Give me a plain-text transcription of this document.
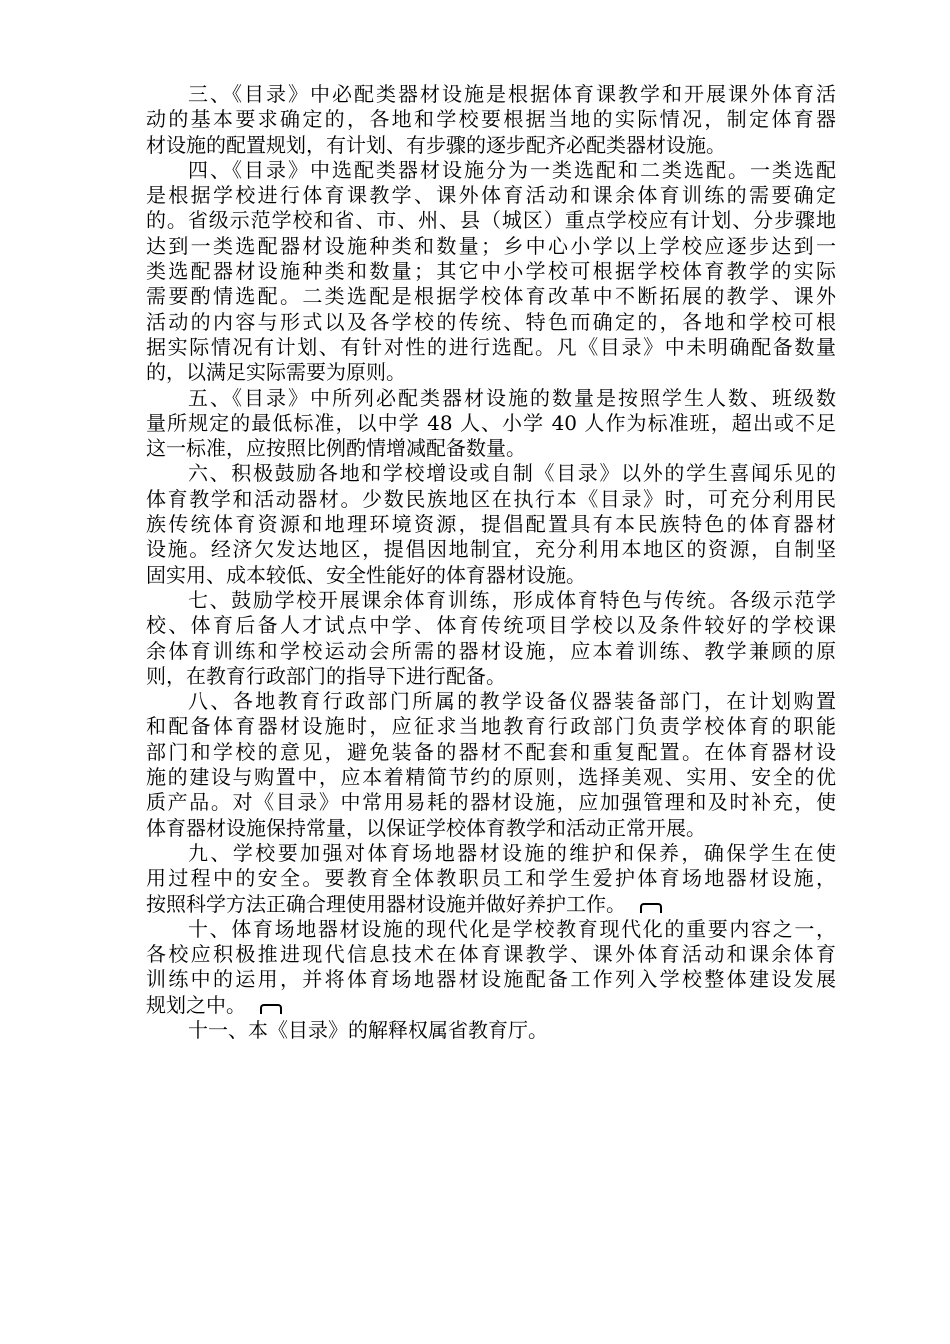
三、《目录》中必配类器材设施是根据体育课教学和开展课外体育活
动的基本要求确定的，各地和学校要根据当地的实际情况，制定体育器
材设施的配置规划，有计划、有步骤的逐步配齐必配类器材设施。
四、《目录》中选配类器材设施分为一类选配和二类选配。一类选配
是根据学校进行体育课教学、课外体育活动和课余体育训练的需要确定
的。省级示范学校和省、市、州、县（城区）重点学校应有计划、分步骤地
达到一类选配器材设施种类和数量；乡中心小学以上学校应逐步达到一
类选配器材设施种类和数量；其它中小学校可根据学校体育教学的实际
需要酌情选配。二类选配是根据学校体育改革中不断拓展的教学、课外
活动的内容与形式以及各学校的传统、特色而确定的，各地和学校可根
据实际情况有计划、有针对性的进行选配。凡《目录》中未明确配备数量
的，以满足实际需要为原则。
五、《目录》中所列必配类器材设施的数量是按照学生人数、班级数
量所规定的最低标准，以中学 48 人、小学 40 人作为标准班，超出或不足
这一标准，应按照比例酌情增减配备数量。
六、积极鼓励各地和学校增设或自制《目录》以外的学生喜闻乐见的
体育教学和活动器材。少数民族地区在执行本《目录》时，可充分利用民
族传统体育资源和地理环境资源，提倡配置具有本民族特色的体育器材
设施。经济欠发达地区，提倡因地制宜，充分利用本地区的资源，自制坚
固实用、成本较低、安全性能好的体育器材设施。
七、鼓励学校开展课余体育训练，形成体育特色与传统。各级示范学
校、体育后备人才试点中学、体育传统项目学校以及条件较好的学校课
余体育训练和学校运动会所需的器材设施，应本着训练、教学兼顾的原
则，在教育行政部门的指导下进行配备。
八、各地教育行政部门所属的教学设备仪器装备部门，在计划购置
和配备体育器材设施时，应征求当地教育行政部门负责学校体育的职能
部门和学校的意见，避免装备的器材不配套和重复配置。在体育器材设
施的建设与购置中，应本着精简节约的原则，选择美观、实用、安全的优
质产品。对《目录》中常用易耗的器材设施，应加强管理和及时补充，使
体育器材设施保持常量，以保证学校体育教学和活动正常开展。
九、学校要加强对体育场地器材设施的维护和保养，确保学生在使
用过程中的安全。要教育全体教职员工和学生爱护体育场地器材设施，
按照科学方法正确合理使用器材设施并做好养护工作。
十、体育场地器材设施的现代化是学校教育现代化的重要内容之一，
各校应积极推进现代信息技术在体育课教学、课外体育活动和课余体育
训练中的运用，并将体育场地器材设施配备工作列入学校整体建设发展
规划之中。
十一、本《目录》的解释权属省教育厅。
